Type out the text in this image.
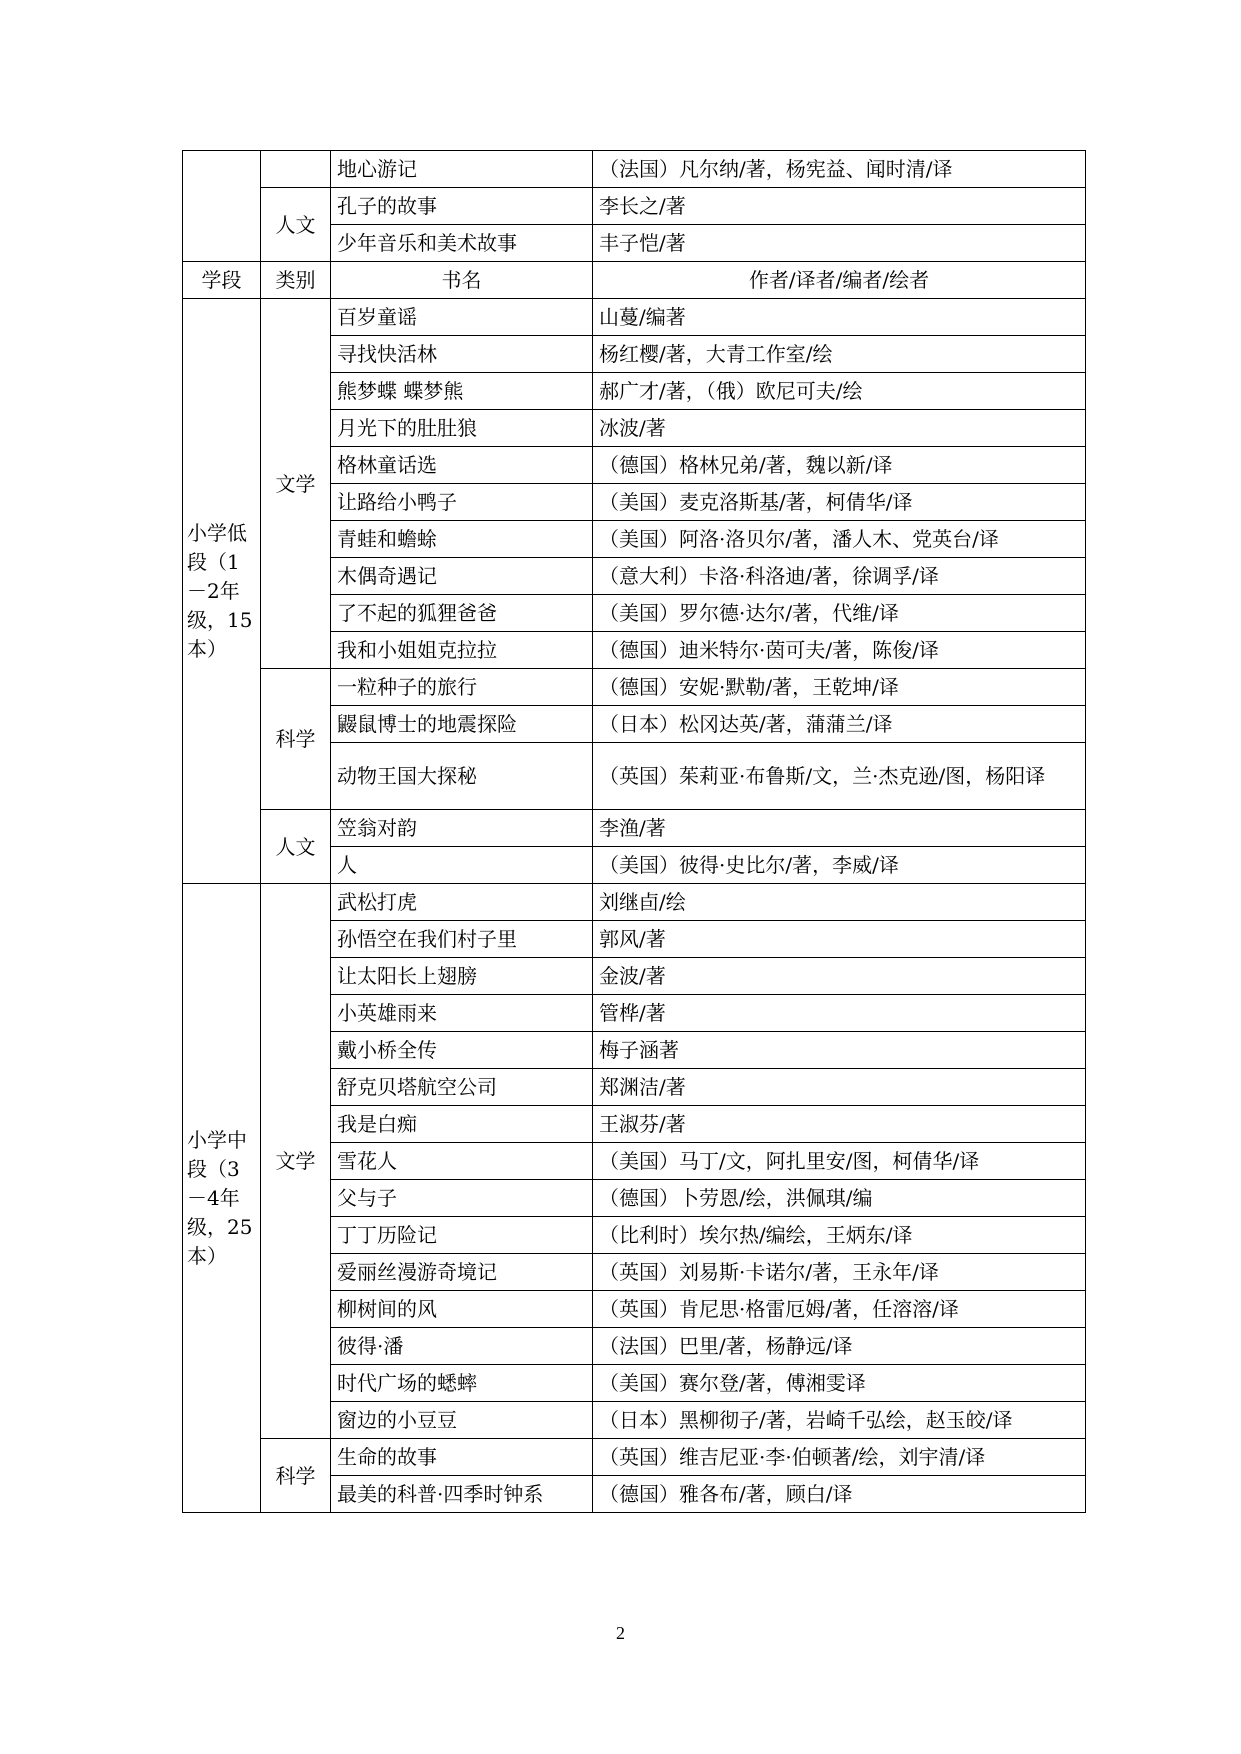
		地心游记	（法国）凡尔纳/著，杨宪益、闻时清/译
	人文	孔子的故事	李长之/著
		少年音乐和美术故事	丰子恺/著
学段	类别	书名	作者/译者/编者/绘者
小学低段（1－2年级，15本）	文学	百岁童谣	山蔓/编著
		寻找快活林	杨红樱/著，大青工作室/绘
		熊梦蝶 蝶梦熊	郝广才/著，（俄）欧尼可夫/绘
		月光下的肚肚狼	冰波/著
		格林童话选	（德国）格林兄弟/著，魏以新/译
		让路给小鸭子	（美国）麦克洛斯基/著，柯倩华/译
		青蛙和蟾蜍	（美国）阿洛·洛贝尔/著，潘人木、党英台/译
		木偶奇遇记	（意大利）卡洛·科洛迪/著，徐调孚/译
		了不起的狐狸爸爸	（美国）罗尔德·达尔/著，代维/译
		我和小姐姐克拉拉	（德国）迪米特尔·茵可夫/著，陈俊/译
	科学	一粒种子的旅行	（德国）安妮·默勒/著，王乾坤/译
		鼹鼠博士的地震探险	（日本）松冈达英/著，蒲蒲兰/译
		动物王国大探秘	（英国）茱莉亚·布鲁斯/文，兰·杰克逊/图，杨阳译
	人文	笠翁对韵	李渔/著
		人	（美国）彼得·史比尔/著，李威/译
小学中段（3－4年级，25本）	文学	武松打虎	刘继卣/绘
		孙悟空在我们村子里	郭风/著
		让太阳长上翅膀	金波/著
		小英雄雨来	管桦/著
		戴小桥全传	梅子涵著
		舒克贝塔航空公司	郑渊洁/著
		我是白痴	王淑芬/著
		雪花人	（美国）马丁/文，阿扎里安/图，柯倩华/译
		父与子	（德国）卜劳恩/绘，洪佩琪/编
		丁丁历险记	（比利时）埃尔热/编绘，王炳东/译
		爱丽丝漫游奇境记	（英国）刘易斯·卡诺尔/著，王永年/译
		柳树间的风	（英国）肯尼思·格雷厄姆/著，任溶溶/译
		彼得·潘	（法国）巴里/著，杨静远/译
		时代广场的蟋蟀	（美国）赛尔登/著，傅湘雯译
		窗边的小豆豆	（日本）黑柳彻子/著，岩崎千弘绘，赵玉皎/译
	科学	生命的故事	（英国）维吉尼亚·李·伯顿著/绘，刘宇清/译
		最美的科普·四季时钟系	（德国）雅各布/著，顾白/译
2
